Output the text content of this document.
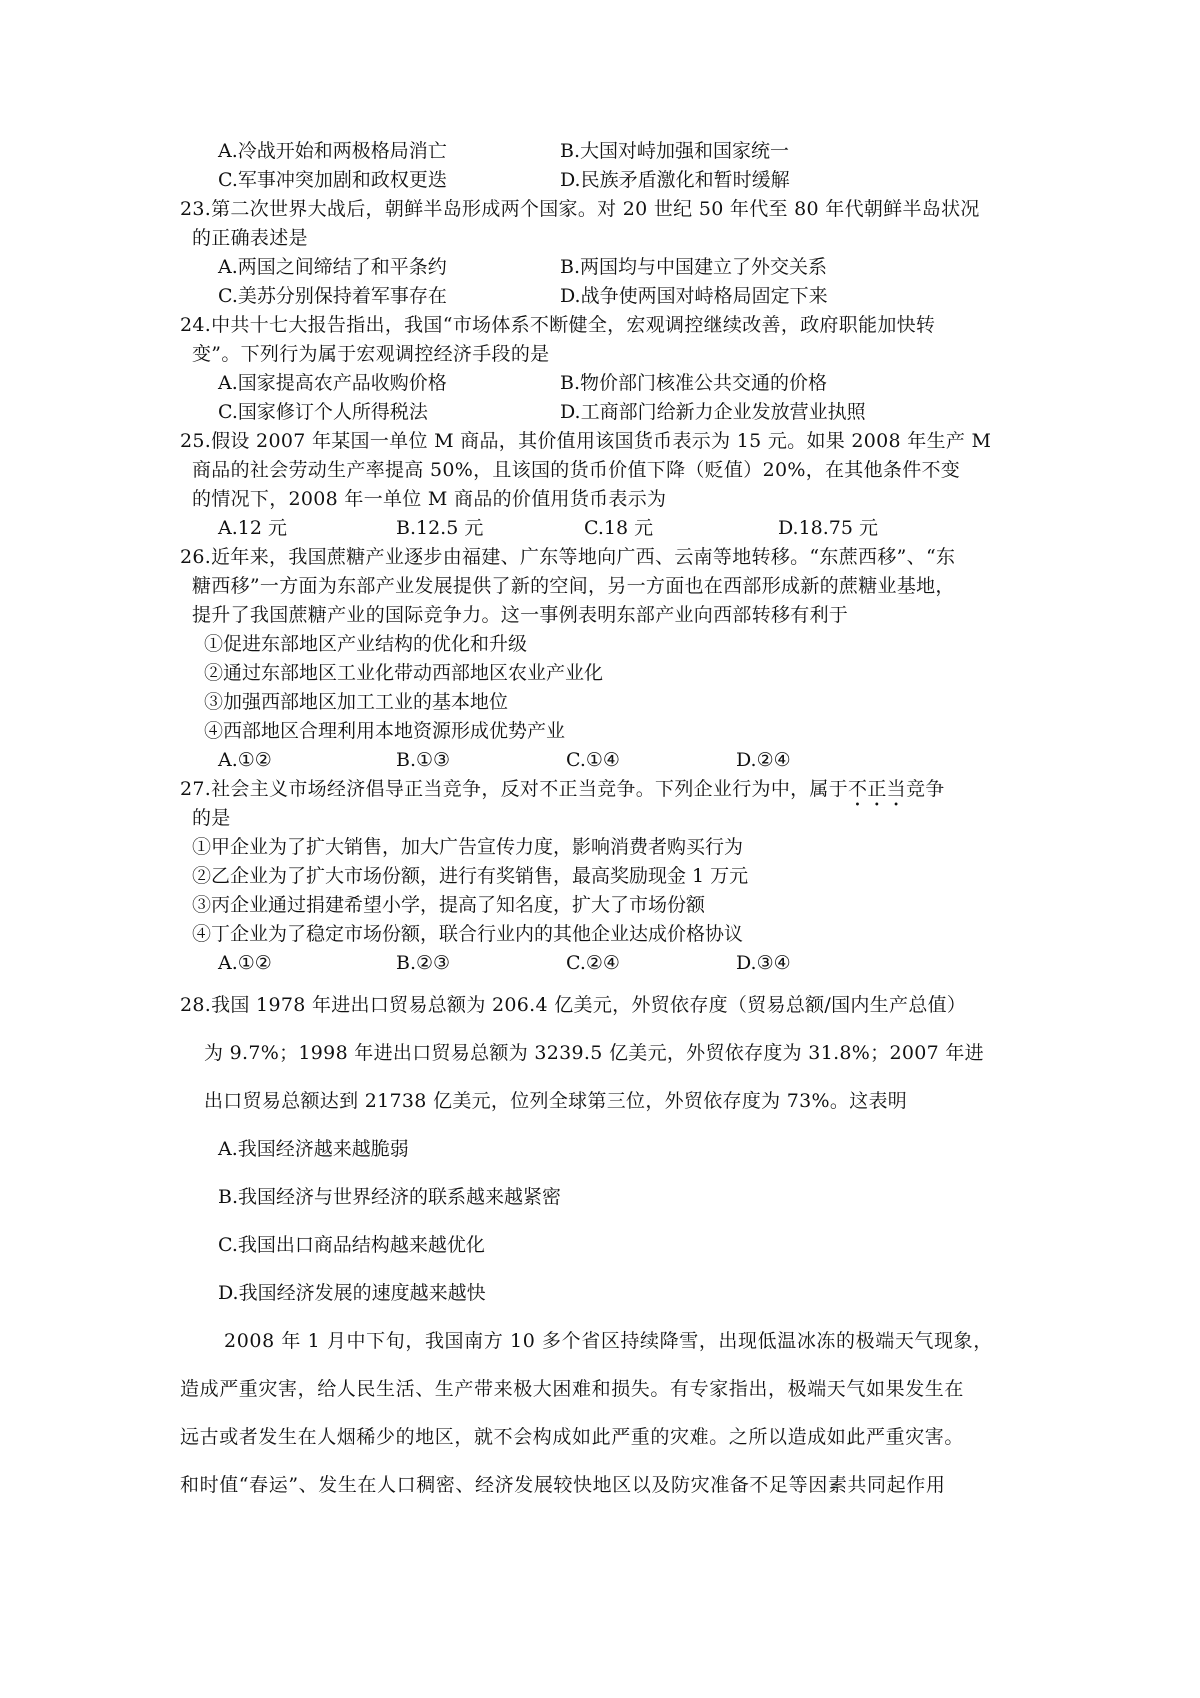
A.冷战开始和两极格局消亡	B.大国对峙加强和国家统一
C.军事冲突加剧和政权更迭	D.民族矛盾激化和暂时缓解
23.第二次世界大战后，朝鲜半岛形成两个国家。对 20 世纪 50 年代至 80 年代朝鲜半岛状况
的正确表述是
A.两国之间缔结了和平条约	B.两国均与中国建立了外交关系
C.美苏分别保持着军事存在	D.战争使两国对峙格局固定下来
24.中共十七大报告指出，我国“市场体系不断健全，宏观调控继续改善，政府职能加快转
变”。下列行为属于宏观调控经济手段的是
A.国家提高农产品收购价格	B.物价部门核准公共交通的价格
C.国家修订个人所得税法	D.工商部门给新力企业发放营业执照
25.假设 2007 年某国一单位 M 商品，其价值用该国货币表示为 15 元。如果 2008 年生产 M
商品的社会劳动生产率提高 50%，且该国的货币价值下降（贬值）20%，在其他条件不变
的情况下，2008 年一单位 M 商品的价值用货币表示为
A.12 元	B.12.5 元	C.18 元	D.18.75 元
26.近年来，我国蔗糖产业逐步由福建、广东等地向广西、云南等地转移。“东蔗西移”、“东
糖西移”一方面为东部产业发展提供了新的空间，另一方面也在西部形成新的蔗糖业基地，
提升了我国蔗糖产业的国际竞争力。这一事例表明东部产业向西部转移有利于
①促进东部地区产业结构的优化和升级
②通过东部地区工业化带动西部地区农业产业化
③加强西部地区加工工业的基本地位
④西部地区合理利用本地资源形成优势产业
A.①②	B.①③	C.①④	D.②④
27.社会主义市场经济倡导正当竞争，反对不正当竞争。下列企业行为中，属于不正当竞争
的是
①甲企业为了扩大销售，加大广告宣传力度，影响消费者购买行为
②乙企业为了扩大市场份额，进行有奖销售，最高奖励现金 1 万元
③丙企业通过捐建希望小学，提高了知名度，扩大了市场份额
④丁企业为了稳定市场份额，联合行业内的其他企业达成价格协议
A.①②	B.②③	C.②④	D.③④
28.我国 1978 年进出口贸易总额为 206.4 亿美元，外贸依存度（贸易总额/国内生产总值）
为 9.7%；1998 年进出口贸易总额为 3239.5 亿美元，外贸依存度为 31.8%；2007 年进
出口贸易总额达到 21738 亿美元，位列全球第三位，外贸依存度为 73%。这表明
A.我国经济越来越脆弱
B.我国经济与世界经济的联系越来越紧密
C.我国出口商品结构越来越优化
D.我国经济发展的速度越来越快
2008 年 1 月中下旬，我国南方 10 多个省区持续降雪，出现低温冰冻的极端天气现象，
造成严重灾害，给人民生活、生产带来极大困难和损失。有专家指出，极端天气如果发生在
远古或者发生在人烟稀少的地区，就不会构成如此严重的灾难。之所以造成如此严重灾害。
和时值“春运”、发生在人口稠密、经济发展较快地区以及防灾准备不足等因素共同起作用
